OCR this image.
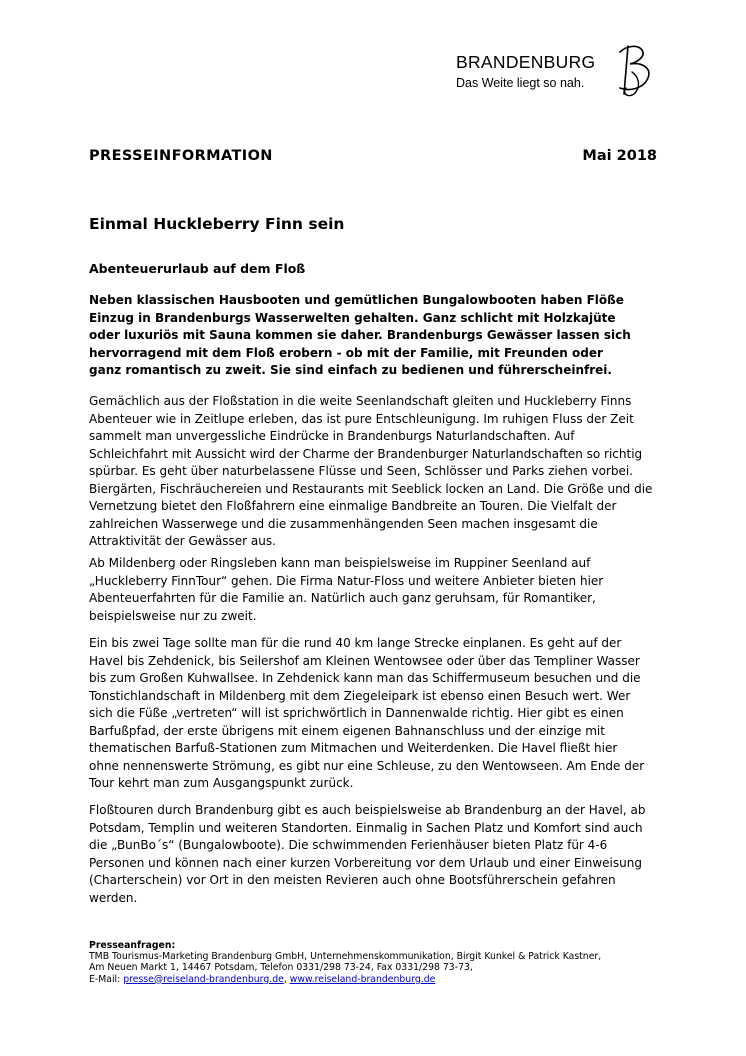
BRANDENBURG
Das Weite liegt so nah.
PRESSEINFORMATION	Mai 2018
Einmal Huckleberry Finn sein
Abenteuerurlaub auf dem Floß
Neben klassischen Hausbooten und gemütlichen Bungalowbooten haben Flöße
Einzug in Brandenburgs Wasserwelten gehalten. Ganz schlicht mit Holzkajüte
oder luxuriös mit Sauna kommen sie daher. Brandenburgs Gewässer lassen sich
hervorragend mit dem Floß erobern - ob mit der Familie, mit Freunden oder
ganz romantisch zu zweit. Sie sind einfach zu bedienen und führerscheinfrei.
Gemächlich aus der Floßstation in die weite Seenlandschaft gleiten und Huckleberry Finns
Abenteuer wie in Zeitlupe erleben, das ist pure Entschleunigung. Im ruhigen Fluss der Zeit
sammelt man unvergessliche Eindrücke in Brandenburgs Naturlandschaften. Auf
Schleichfahrt mit Aussicht wird der Charme der Brandenburger Naturlandschaften so richtig
spürbar. Es geht über naturbelassene Flüsse und Seen, Schlösser und Parks ziehen vorbei.
Biergärten, Fischräuchereien und Restaurants mit Seeblick locken an Land. Die Größe und die
Vernetzung bietet den Floßfahrern eine einmalige Bandbreite an Touren. Die Vielfalt der
zahlreichen Wasserwege und die zusammenhängenden Seen machen insgesamt die
Attraktivität der Gewässer aus.
Ab Mildenberg oder Ringsleben kann man beispielsweise im Ruppiner Seenland auf
„Huckleberry FinnTour“ gehen. Die Firma Natur-Floss und weitere Anbieter bieten hier
Abenteuerfahrten für die Familie an. Natürlich auch ganz geruhsam, für Romantiker,
beispielsweise nur zu zweit.
Ein bis zwei Tage sollte man für die rund 40 km lange Strecke einplanen. Es geht auf der
Havel bis Zehdenick, bis Seilershof am Kleinen Wentowsee oder über das Templiner Wasser
bis zum Großen Kuhwallsee. In Zehdenick kann man das Schiffermuseum besuchen und die
Tonstichlandschaft in Mildenberg mit dem Ziegeleipark ist ebenso einen Besuch wert. Wer
sich die Füße „vertreten“ will ist sprichwörtlich in Dannenwalde richtig. Hier gibt es einen
Barfußpfad, der erste übrigens mit einem eigenen Bahnanschluss und der einzige mit
thematischen Barfuß-Stationen zum Mitmachen und Weiterdenken. Die Havel fließt hier
ohne nennenswerte Strömung, es gibt nur eine Schleuse, zu den Wentowseen. Am Ende der
Tour kehrt man zum Ausgangspunkt zurück.
Floßtouren durch Brandenburg gibt es auch beispielsweise ab Brandenburg an der Havel, ab
Potsdam, Templin und weiteren Standorten. Einmalig in Sachen Platz und Komfort sind auch
die „BunBo´s“ (Bungalowboote). Die schwimmenden Ferienhäuser bieten Platz für 4-6
Personen und können nach einer kurzen Vorbereitung vor dem Urlaub und einer Einweisung
(Charterschein) vor Ort in den meisten Revieren auch ohne Bootsführerschein gefahren
werden.
Presseanfragen:
TMB Tourismus-Marketing Brandenburg GmbH, Unternehmenskommunikation, Birgit Kunkel & Patrick Kastner,
Am Neuen Markt 1, 14467 Potsdam, Telefon 0331/298 73-24, Fax 0331/298 73-73,
E-Mail: presse@reiseland-brandenburg.de, www.reiseland-brandenburg.de
